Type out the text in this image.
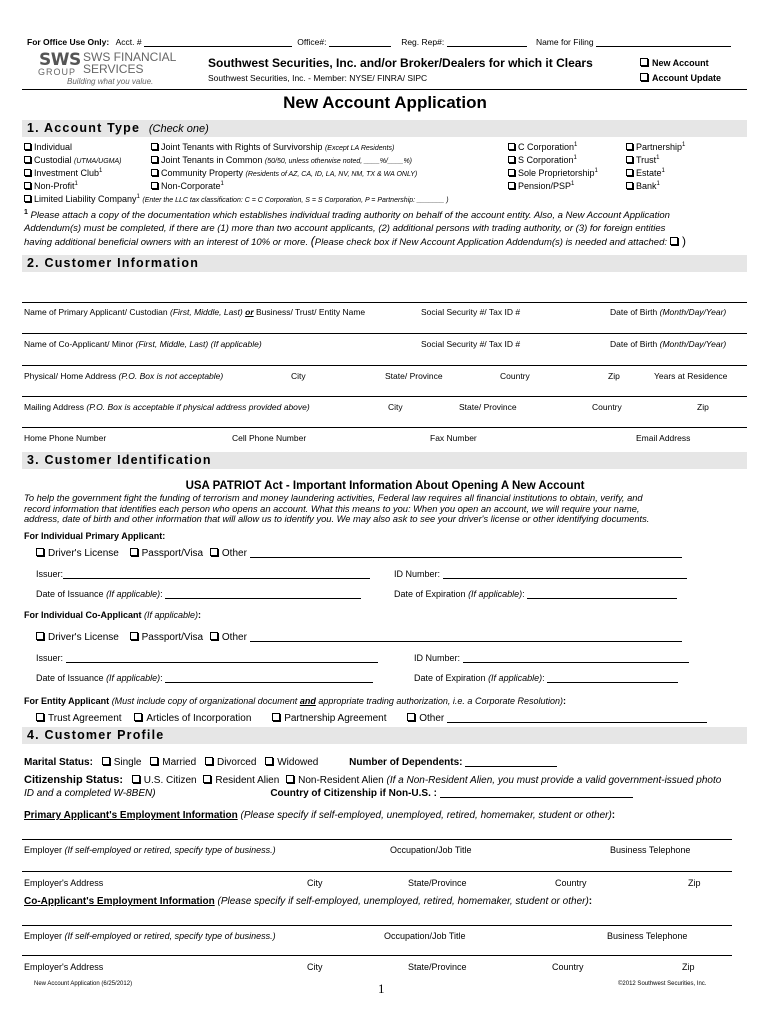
For Office Use Only: Acct. #	Office#:	Reg. Rep#:	Name for Filing
SWS SWS FINANCIAL
GROUP SERVICES
Building what you value.
Southwest Securities, Inc. and/or Broker/Dealers for which it Clears
Southwest Securities, Inc. - Member: NYSE/ FINRA/ SIPC
New Account
Account Update
New Account Application
1. Account Type (Check one)
Individual
Custodial (UTMA/UGMA)
Investment Club$^1$
Non-Profit$^1$
Joint Tenants with Rights of Survivorship (Except LA Residents)
Joint Tenants in Common (50/50, unless otherwise noted, ____%/____%)
Community Property (Residents of AZ, CA, ID, LA, NV, NM, TX & WA ONLY)
Non-Corporate$^1$
C Corporation$^1$
S Corporation$^1$
Sole Proprietorship$^1$
Pension/PSP$^1$
Partnership$^1$
Trust$^1$
Estate$^1$
Bank$^1$
Limited Liability Company$^1$ (Enter the LLC tax classification: C = C Corporation, S = S Corporation, P = Partnership: _______ )
$^1$ Please attach a copy of the documentation which establishes individual trading authority on behalf of the account entity. Also, a New Account Application
Addendum(s) must be completed, if there are (1) more than two account applicants, (2) additional persons with trading authority, or (3) for foreign entities
having additional beneficial owners with an interest of 10% or more. (Please check box if New Account Application Addendum(s) is needed and attached: )
2. Customer Information
Name of Primary Applicant/ Custodian (First, Middle, Last) or Business/ Trust/ Entity Name	Social Security #/ Tax ID #	Date of Birth (Month/Day/Year)
Name of Co-Applicant/ Minor (First, Middle, Last) (If applicable)	Social Security #/ Tax ID #	Date of Birth (Month/Day/Year)
Physical/ Home Address (P.O. Box is not acceptable)	City	State/ Province	Country	Zip	Years at Residence
Mailing Address (P.O. Box is acceptable if physical address provided above)	City	State/ Province	Country	Zip
Home Phone Number	Cell Phone Number	Fax Number	Email Address
3. Customer Identification
USA PATRIOT Act - Important Information About Opening A New Account
To help the government fight the funding of terrorism and money laundering activities, Federal law requires all financial institutions to obtain, verify, and
record information that identifies each person who opens an account. What this means to you: When you open an account, we will require your name,
address, date of birth and other information that will allow us to identify you. We may also ask to see your driver's license or other identifying documents.
For Individual Primary Applicant:
Driver's License Passport/Visa Other
Issuer:	ID Number:
Date of Issuance (If applicable):	Date of Expiration (If applicable):
For Individual Co-Applicant (If applicable):
Driver's License Passport/Visa Other
Issuer:	ID Number:
Date of Issuance (If applicable):	Date of Expiration (If applicable):
For Entity Applicant (Must include copy of organizational document and appropriate trading authorization, i.e. a Corporate Resolution):
Trust Agreement Articles of Incorporation	Partnership Agreement	Other
4. Customer Profile
Marital Status: Single Married Divorced Widowed	Number of Dependents:
Citizenship Status: U.S. Citizen Resident Alien Non-Resident Alien (If a Non-Resident Alien, you must provide a valid government-issued photo
ID and a completed W-8BEN)	Country of Citizenship if Non-U.S. :
Primary Applicant's Employment Information (Please specify if self-employed, unemployed, retired, homemaker, student or other):
Employer (If self-employed or retired, specify type of business.)	Occupation/Job Title	Business Telephone
Employer's Address	City	State/Province	Country	Zip
Co-Applicant's Employment Information (Please specify if self-employed, unemployed, retired, homemaker, student or other):
Employer (If self-employed or retired, specify type of business.)	Occupation/Job Title	Business Telephone
Employer's Address	City	State/Province	Country	Zip
New Account Application (6/25/2012)	1	©2012 Southwest Securities, Inc.
